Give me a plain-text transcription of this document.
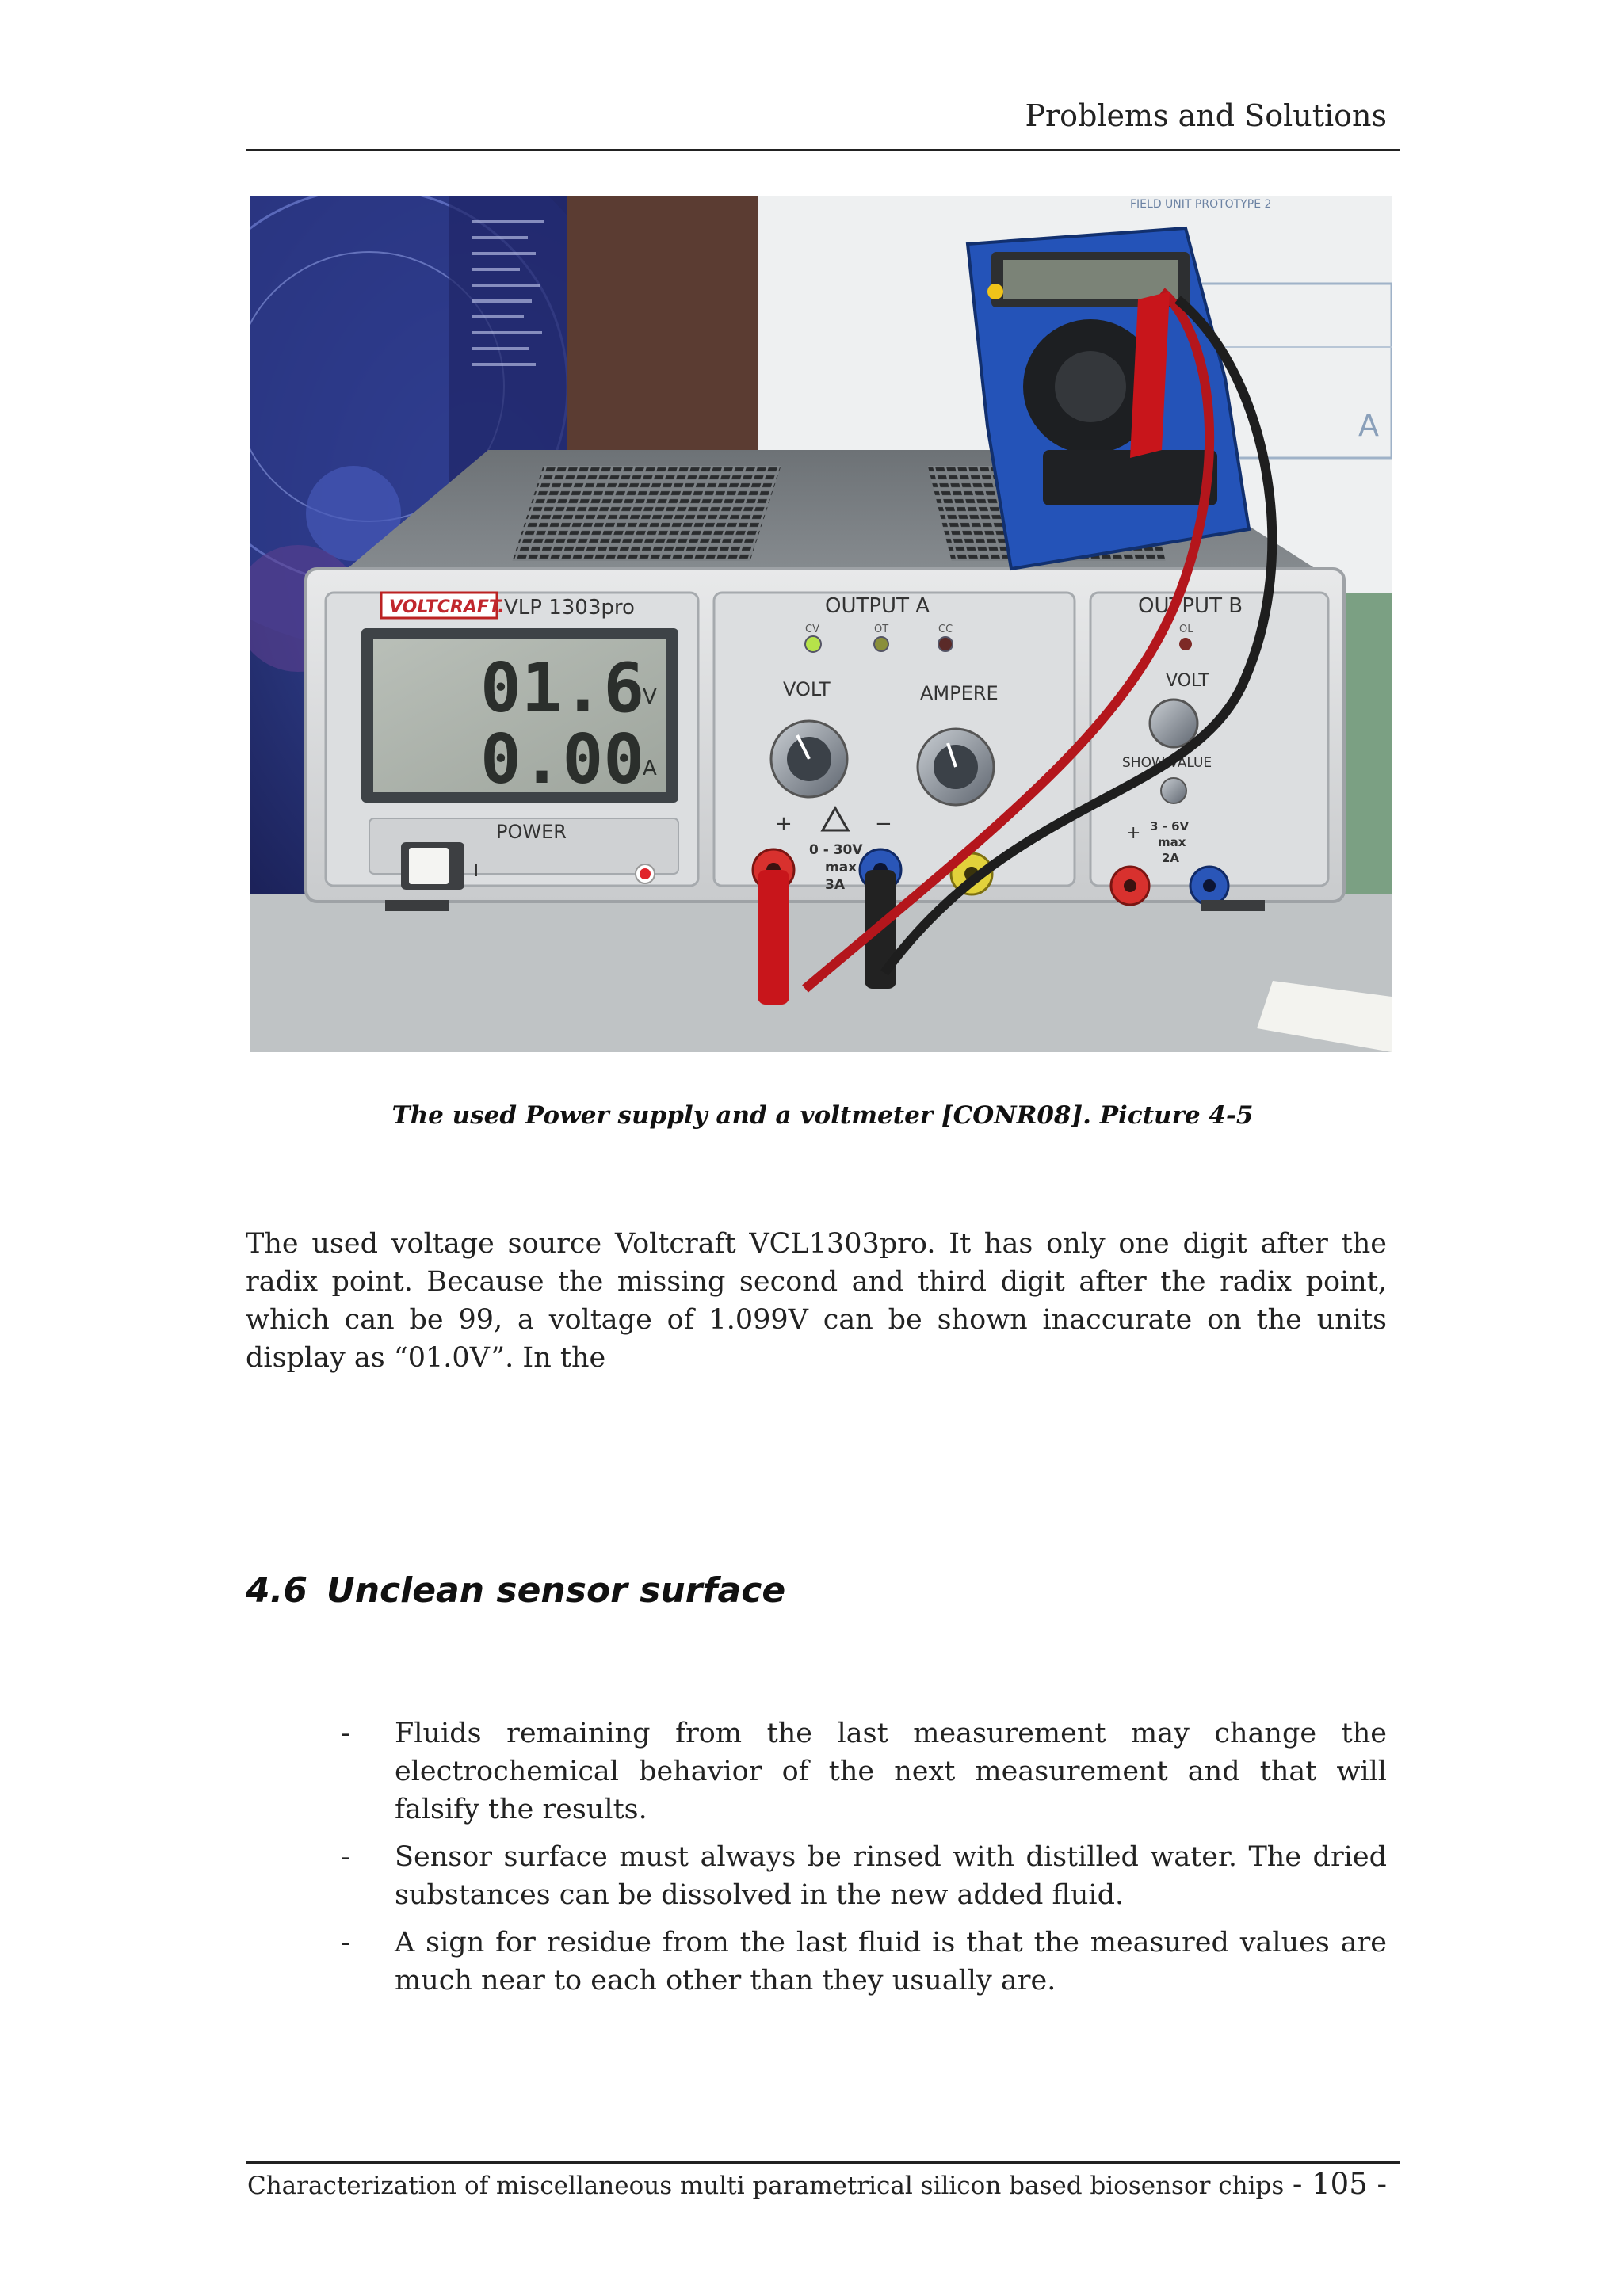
Problems and Solutions
FIELD UNIT PROTOTYPE 2
A
VOLTCRAFT. VLP 1303pro
01.6
V
0.00
A
POWER
I
OUTPUT A
CV	OT	CC
VOLT	AMPERE
+	−
0 - 30V
max
3A
OUTPUT B
OL
VOLT
SHOW VALUE
+ 3 - 6V
max
2A
The used Power supply and a voltmeter [CONR08]. Picture 4-5
The used voltage source Voltcraft VCL1303pro. It has only one digit after the radix point. Because the missing second and third digit after the radix point, which can be 99, a voltage of 1.099V can be shown inaccurate on the units display as “01.0V”. In the
4.6 Unclean sensor surface
- Fluids remaining from the last measurement may change the electrochemical behavior of the next measurement and that will falsify the results.
- Sensor surface must always be rinsed with distilled water. The dried substances can be dissolved in the new added fluid.
- A sign for residue from the last fluid is that the measured values are much near to each other than they usually are.
Characterization of miscellaneous multi parametrical silicon based biosensor chips - 105 -
